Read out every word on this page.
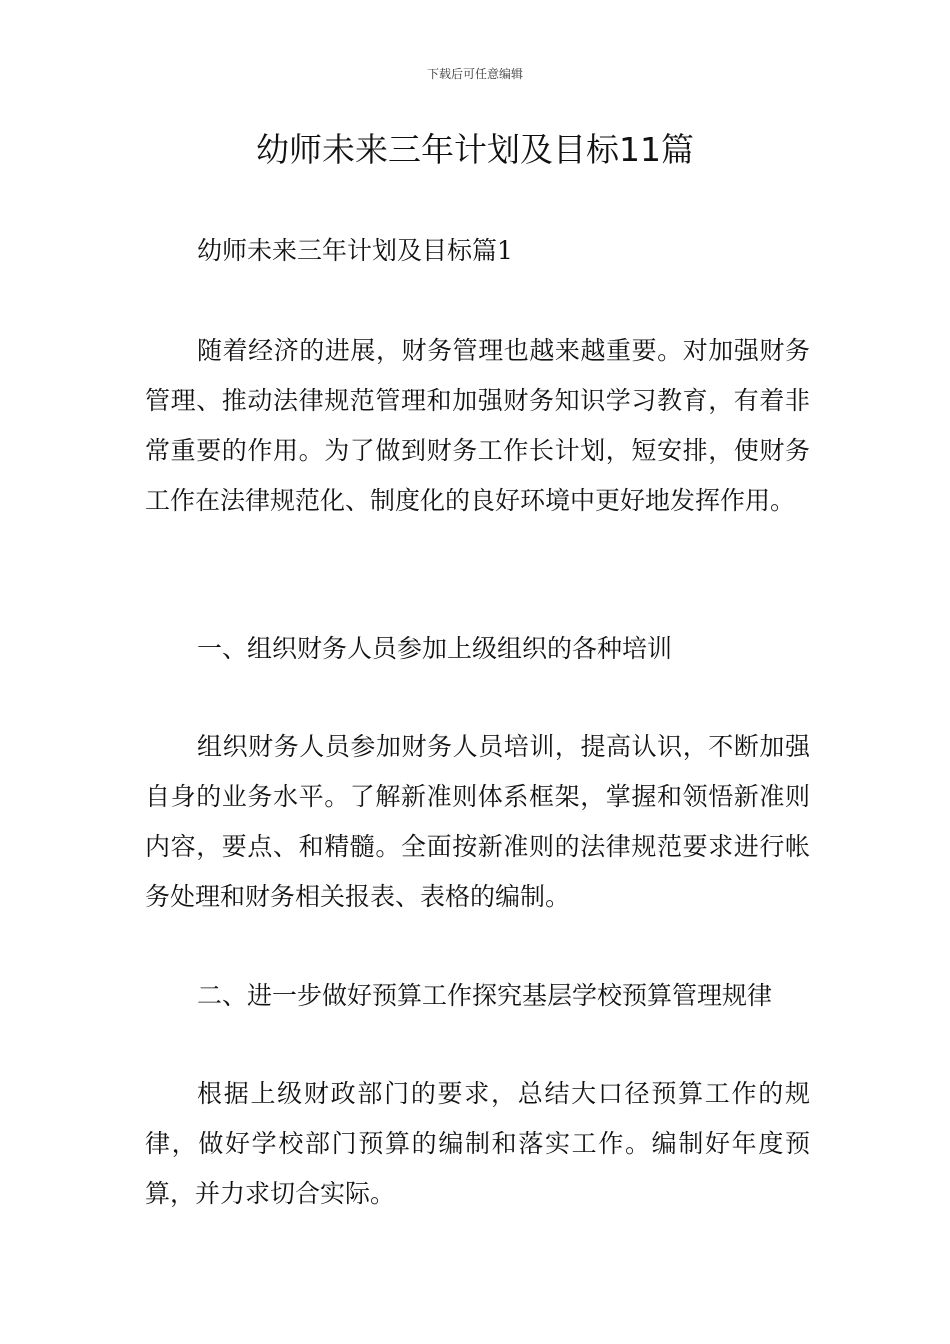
下载后可任意编辑
幼师未来三年计划及目标11篇

幼师未来三年计划及目标篇1

随着经济的进展，财务管理也越来越重要。对加强财务管理、推动法律规范管理和加强财务知识学习教育，有着非常重要的作用。为了做到财务工作长计划，短安排，使财务工作在法律规范化、制度化的良好环境中更好地发挥作用。

一、组织财务人员参加上级组织的各种培训

组织财务人员参加财务人员培训，提高认识，不断加强自身的业务水平。了解新准则体系框架，掌握和领悟新准则内容，要点、和精髓。全面按新准则的法律规范要求进行帐务处理和财务相关报表、表格的编制。

二、进一步做好预算工作探究基层学校预算管理规律

根据上级财政部门的要求，总结大口径预算工作的规律，做好学校部门预算的编制和落实工作。编制好年度预算，并力求切合实际。
